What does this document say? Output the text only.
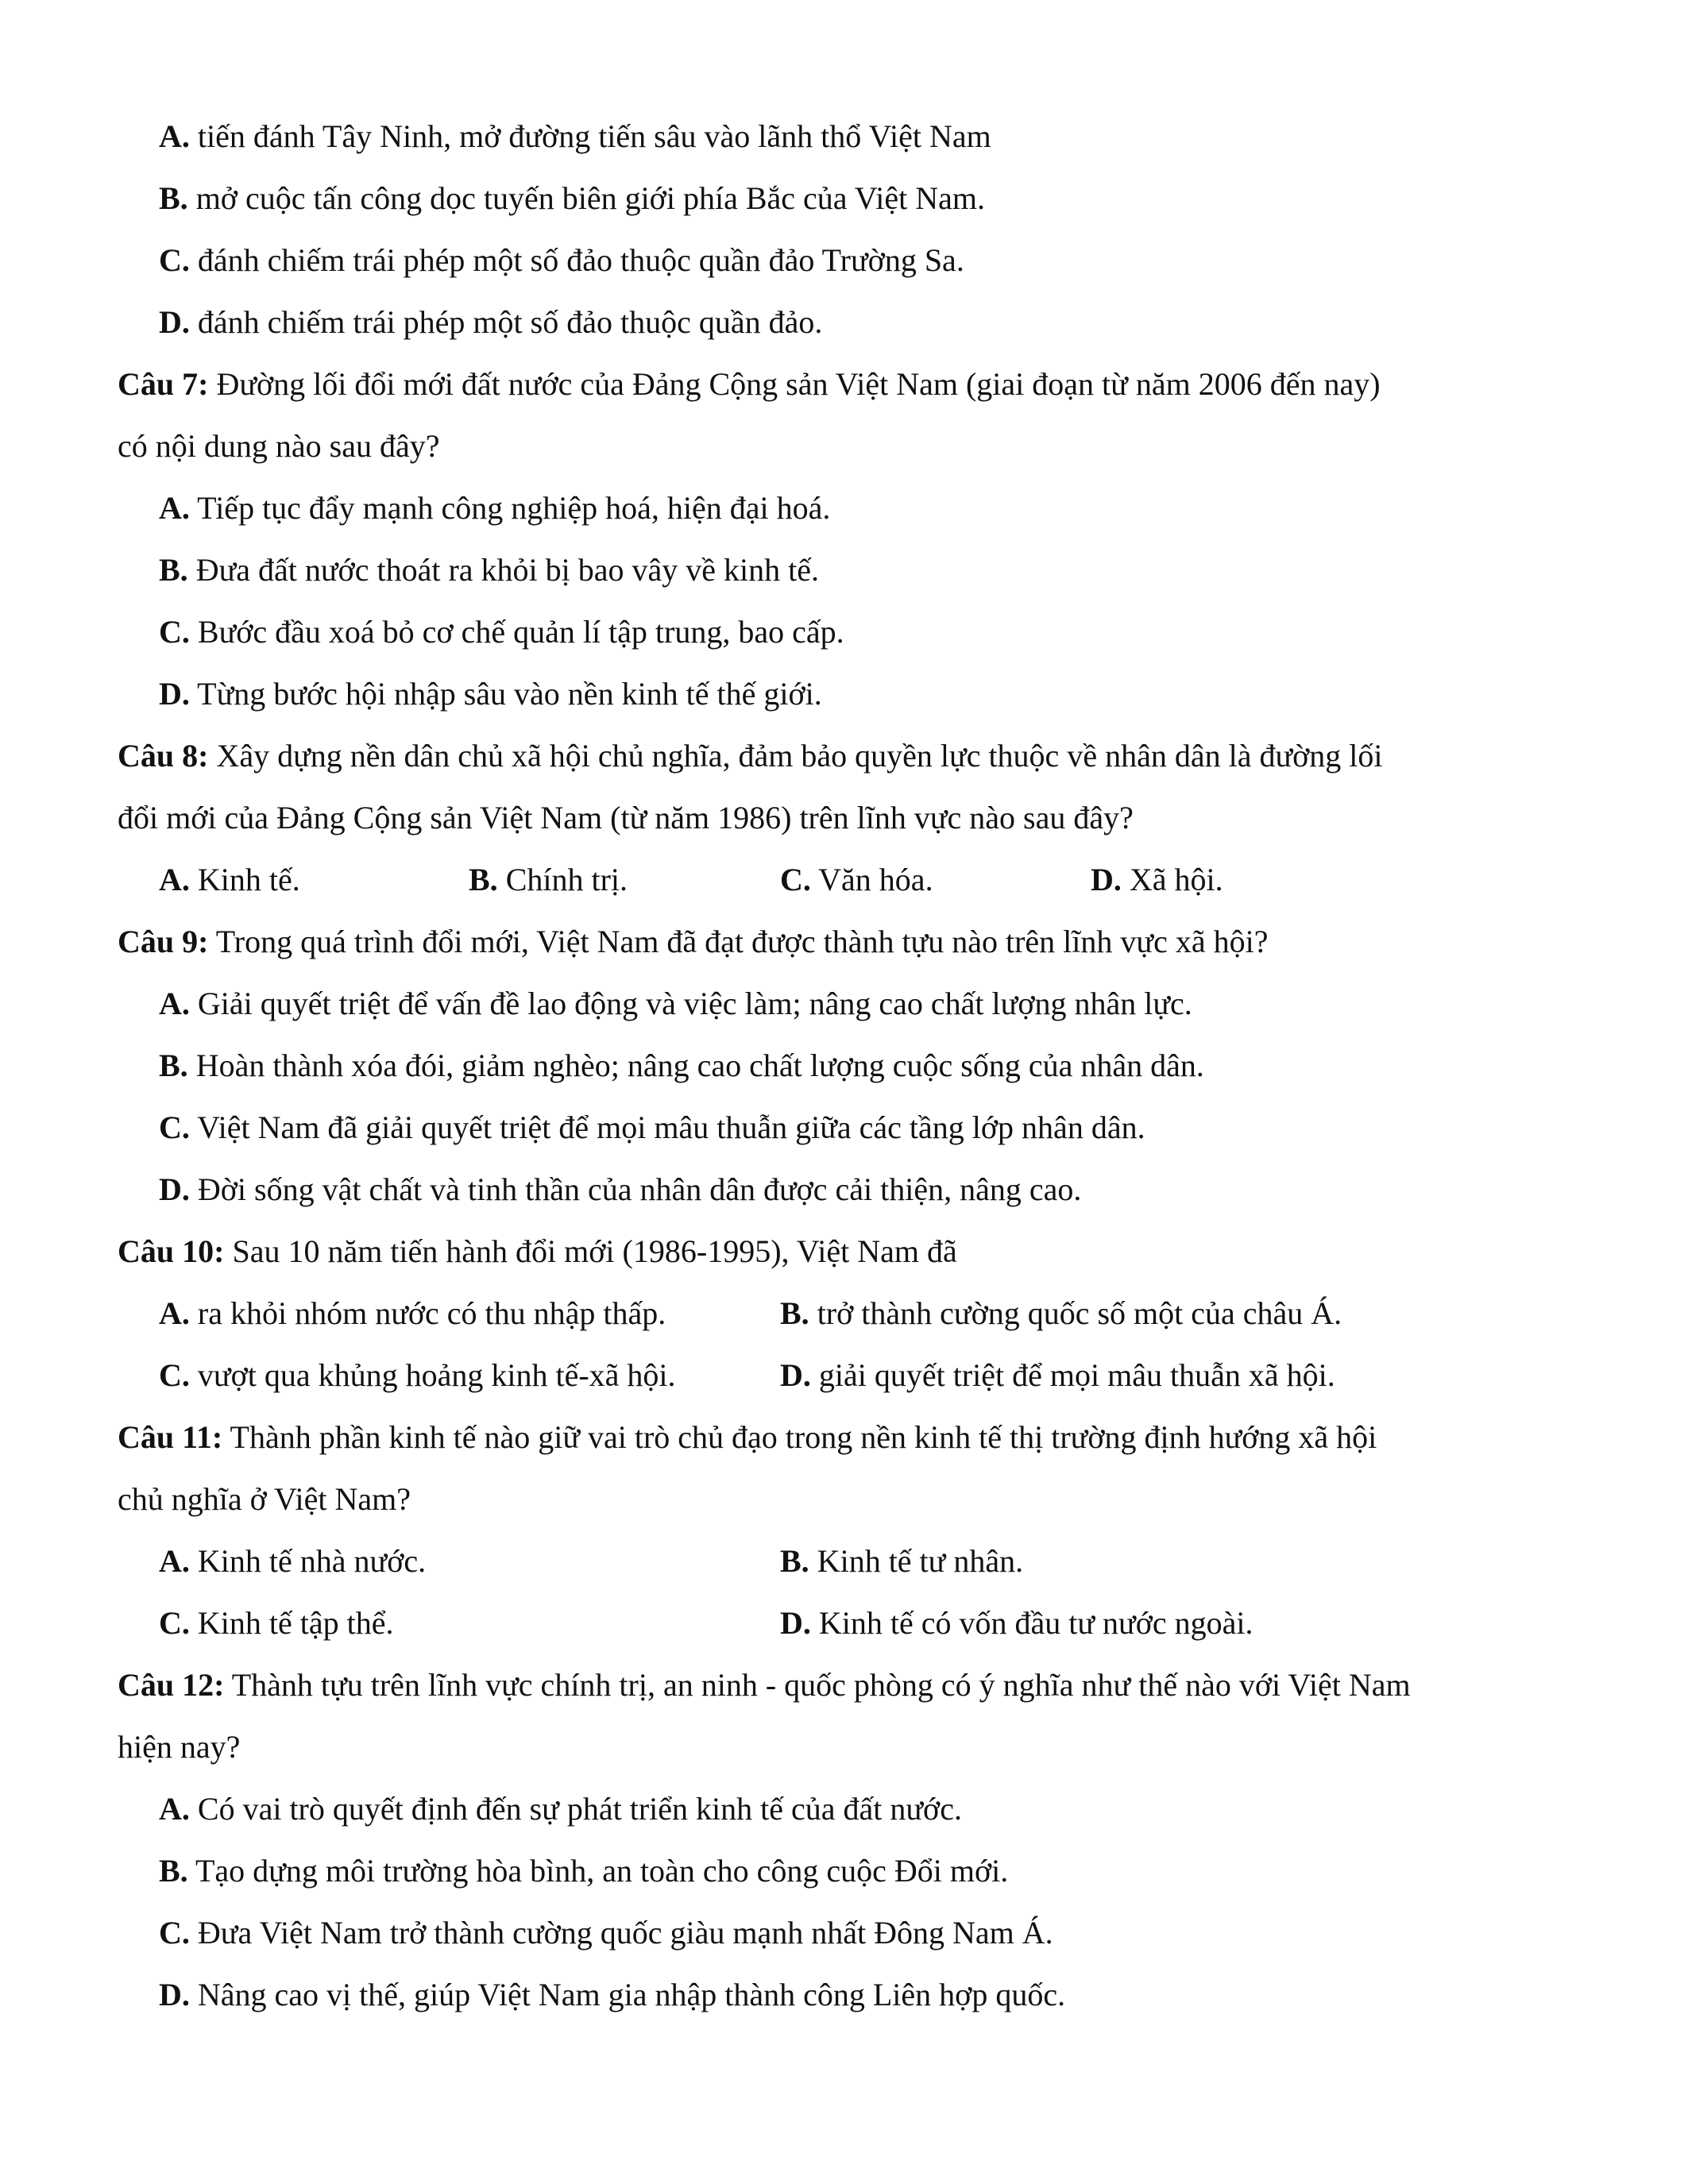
A. tiến đánh Tây Ninh, mở đường tiến sâu vào lãnh thổ Việt Nam
B. mở cuộc tấn công dọc tuyến biên giới phía Bắc của Việt Nam.
C. đánh chiếm trái phép một số đảo thuộc quần đảo Trường Sa.
D. đánh chiếm trái phép một số đảo thuộc quần đảo.
Câu 7: Đường lối đổi mới đất nước của Đảng Cộng sản Việt Nam (giai đoạn từ năm 2006 đến nay)
có nội dung nào sau đây?
A. Tiếp tục đẩy mạnh công nghiệp hoá, hiện đại hoá.
B. Đưa đất nước thoát ra khỏi bị bao vây về kinh tế.
C. Bước đầu xoá bỏ cơ chế quản lí tập trung, bao cấp.
D. Từng bước hội nhập sâu vào nền kinh tế thế giới.
Câu 8: Xây dựng nền dân chủ xã hội chủ nghĩa, đảm bảo quyền lực thuộc về nhân dân là đường lối
đổi mới của Đảng Cộng sản Việt Nam (từ năm 1986) trên lĩnh vực nào sau đây?
A. Kinh tế.	B. Chính trị.	C. Văn hóa.	D. Xã hội.
Câu 9: Trong quá trình đổi mới, Việt Nam đã đạt được thành tựu nào trên lĩnh vực xã hội?
A. Giải quyết triệt để vấn đề lao động và việc làm; nâng cao chất lượng nhân lực.
B. Hoàn thành xóa đói, giảm nghèo; nâng cao chất lượng cuộc sống của nhân dân.
C. Việt Nam đã giải quyết triệt để mọi mâu thuẫn giữa các tầng lớp nhân dân.
D. Đời sống vật chất và tinh thần của nhân dân được cải thiện, nâng cao.
Câu 10: Sau 10 năm tiến hành đổi mới (1986-1995), Việt Nam đã
A. ra khỏi nhóm nước có thu nhập thấp.	B. trở thành cường quốc số một của châu Á.
C. vượt qua khủng hoảng kinh tế-xã hội.	D. giải quyết triệt để mọi mâu thuẫn xã hội.
Câu 11: Thành phần kinh tế nào giữ vai trò chủ đạo trong nền kinh tế thị trường định hướng xã hội
chủ nghĩa ở Việt Nam?
A. Kinh tế nhà nước.	B. Kinh tế tư nhân.
C. Kinh tế tập thể.	D. Kinh tế có vốn đầu tư nước ngoài.
Câu 12: Thành tựu trên lĩnh vực chính trị, an ninh - quốc phòng có ý nghĩa như thế nào với Việt Nam
hiện nay?
A. Có vai trò quyết định đến sự phát triển kinh tế của đất nước.
B. Tạo dựng môi trường hòa bình, an toàn cho công cuộc Đổi mới.
C. Đưa Việt Nam trở thành cường quốc giàu mạnh nhất Đông Nam Á.
D. Nâng cao vị thế, giúp Việt Nam gia nhập thành công Liên hợp quốc.
